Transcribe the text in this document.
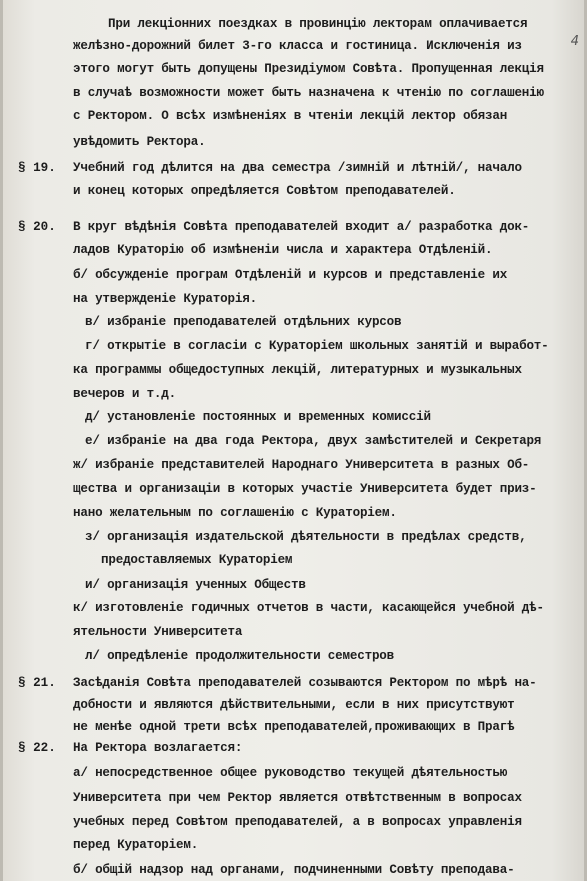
4
§ 19.
§ 20.
§ 21.
§ 22.
При лекціонних поездках в провинцію лекторам оплачивается
желѣзно-дорожний билет 3-го класса и гостиница. Исключенія из
этого могут быть допущены Президіумом Совѣта. Пропущенная лекція
в случаѣ возможности может быть назначена к чтенію по соглашенію
с Ректором. О всѣх измѣненіях в чтеніи лекцій лектор обязан
увѣдомить Ректора.
Учебний год дѣлится на два семестра /зимній и лѣтній/, начало
и конец которых опредѣляется Совѣтом преподавателей.
В круг вѣдѣнія Совѣта преподавателей входит а/ разработка док-
ладов Кураторію об измѣненіи числа и характера Отдѣленій.
б/ обсужденіе програм Отдѣленій и курсов и представленіе их
на утвержденіе Кураторія.
в/ избраніе преподавателей отдѣльних курсов
г/ открытіе в согласіи с Кураторіем школьных занятій и выработ-
ка программы общедоступных лекцій, литературных и музыкальных
вечеров и т.д.
д/ установленіе постоянных и временных комиссій
е/ избраніе на два года Ректора, двух замѣстителей и Секретаря
ж/ избраніе представителей Народнаго Университета в разных Об-
щества и организаціи в которых участіе Университета будет приз-
нано желательным по соглашенію с Кураторіем.
з/ организація издательской дѣятельности в предѣлах средств,
предоставляемых Кураторіем
и/ организація ученных Обществ
к/ изготовленіе годичных отчетов в части, касающейся учебной дѣ-
ятельности Университета
л/ опредѣленіе продолжительности семестров
Засѣданія Совѣта преподавателей созываются Ректором по мѣрѣ на-
добности и являются дѣйствительными, если в них присутствуют
не менѣе одной трети всѣх преподавателей,проживающих в Прагѣ
На Ректора возлагается:
а/ непосредственное общее руководство текущей дѣятельностью
Университета при чем Ректор является отвѣтственным в вопросах
учебных перед Совѣтом преподавателей, а в вопросах управленія
перед Кураторіем.
б/ общій надзор над органами, подчиненными Совѣту преподава-
